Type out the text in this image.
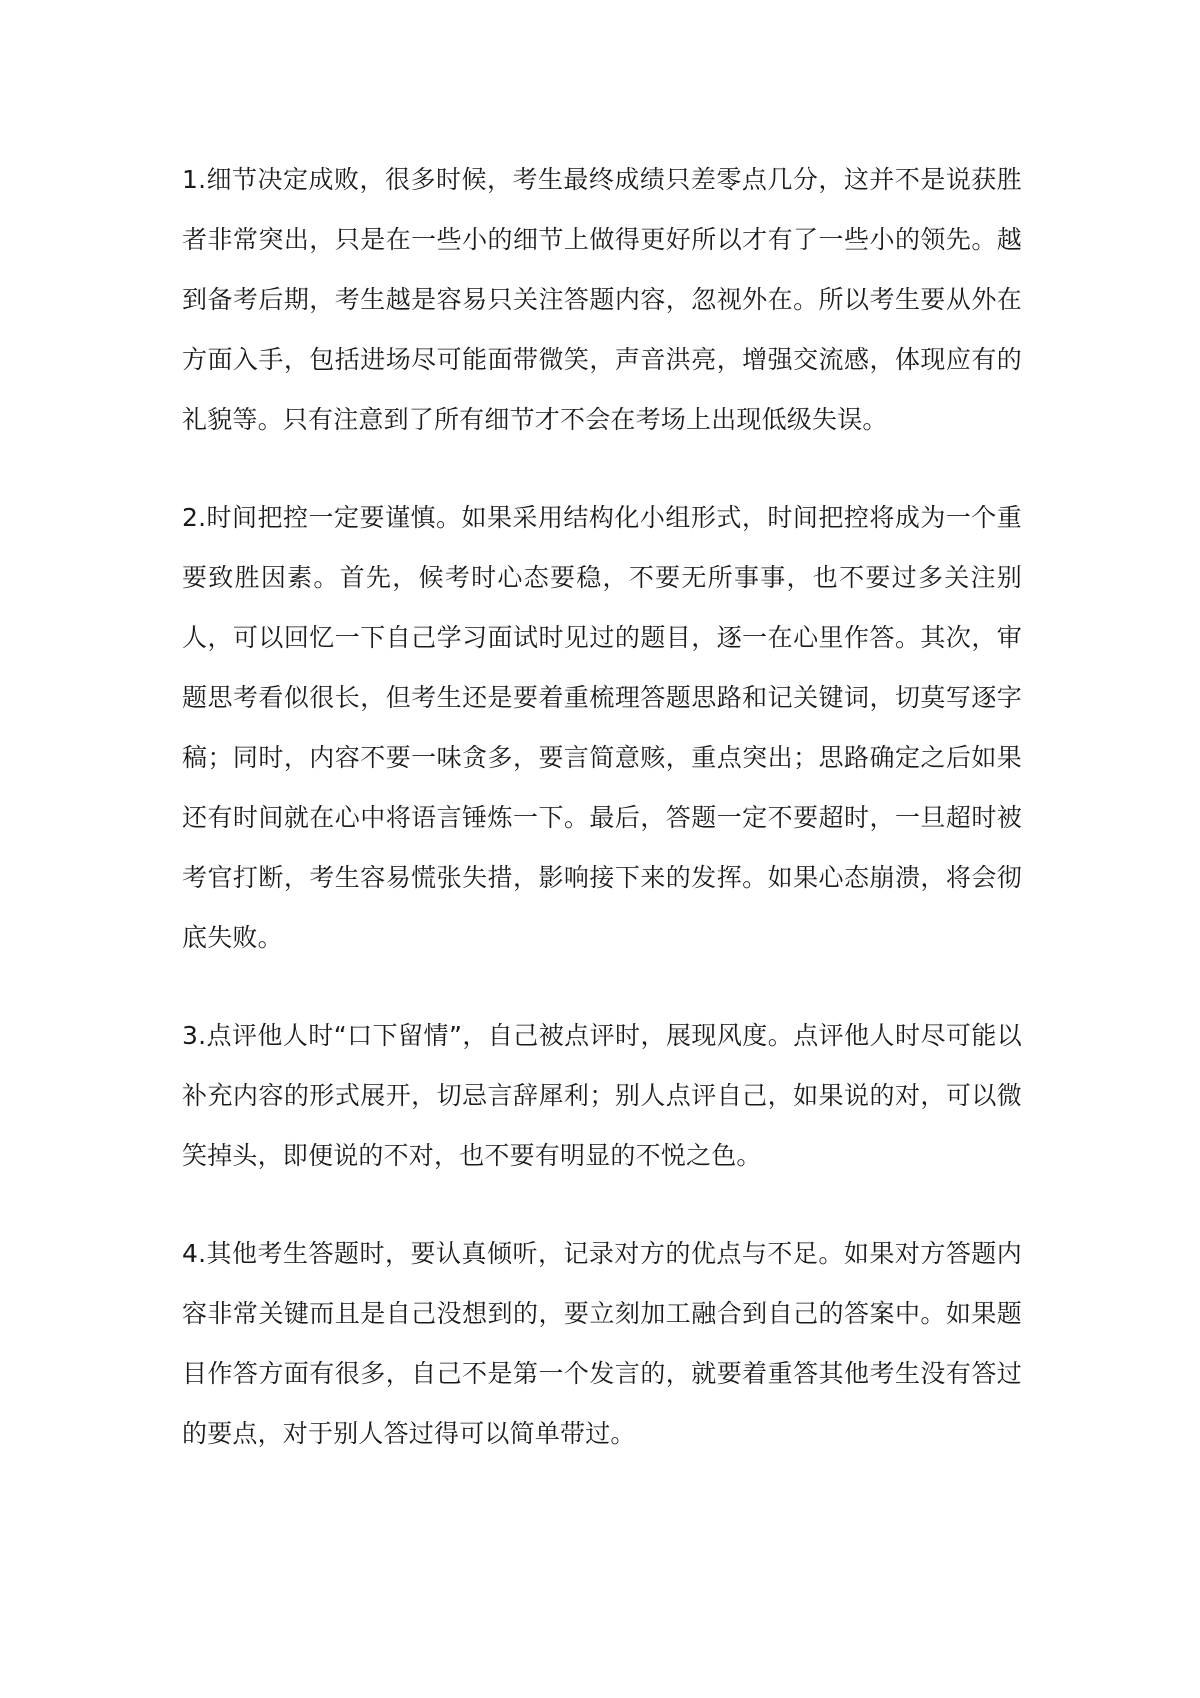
1.细节决定成败，很多时候，考生最终成绩只差零点几分，这并不是说获胜者非常突出，只是在一些小的细节上做得更好所以才有了一些小的领先。越到备考后期，考生越是容易只关注答题内容，忽视外在。所以考生要从外在方面入手，包括进场尽可能面带微笑，声音洪亮，增强交流感，体现应有的礼貌等。只有注意到了所有细节才不会在考场上出现低级失误。

2.时间把控一定要谨慎。如果采用结构化小组形式，时间把控将成为一个重要致胜因素。首先，候考时心态要稳，不要无所事事，也不要过多关注别人，可以回忆一下自己学习面试时见过的题目，逐一在心里作答。其次，审题思考看似很长，但考生还是要着重梳理答题思路和记关键词，切莫写逐字稿；同时，内容不要一味贪多，要言简意赅，重点突出；思路确定之后如果还有时间就在心中将语言锤炼一下。最后，答题一定不要超时，一旦超时被考官打断，考生容易慌张失措，影响接下来的发挥。如果心态崩溃，将会彻底失败。

3.点评他人时“口下留情”，自己被点评时，展现风度。点评他人时尽可能以补充内容的形式展开，切忌言辞犀利；别人点评自己，如果说的对，可以微笑掉头，即便说的不对，也不要有明显的不悦之色。

4.其他考生答题时，要认真倾听，记录对方的优点与不足。如果对方答题内容非常关键而且是自己没想到的，要立刻加工融合到自己的答案中。如果题目作答方面有很多，自己不是第一个发言的，就要着重答其他考生没有答过的要点，对于别人答过得可以简单带过。
